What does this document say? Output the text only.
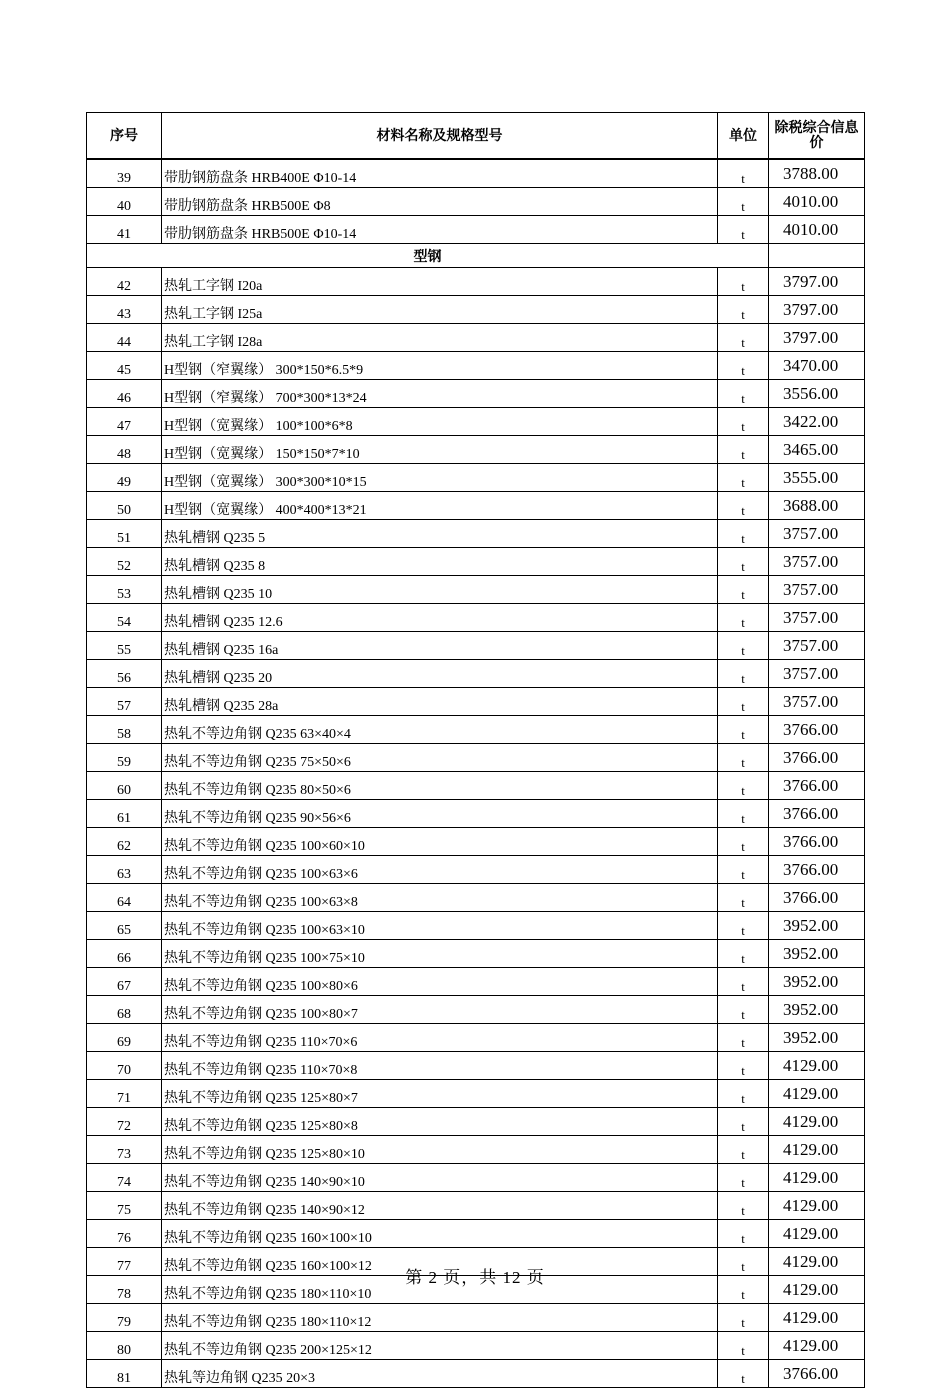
序号	材料名称及规格型号	单位	除税综合信息价
39	带肋钢筋盘条 HRB400E Φ10-14	t	3788.00
40	带肋钢筋盘条 HRB500E Φ8	t	4010.00
41	带肋钢筋盘条 HRB500E Φ10-14	t	4010.00
型钢			
42	热轧工字钢 I20a	t	3797.00
43	热轧工字钢 I25a	t	3797.00
44	热轧工字钢 I28a	t	3797.00
45	H型钢（窄翼缘） 300*150*6.5*9	t	3470.00
46	H型钢（窄翼缘） 700*300*13*24	t	3556.00
47	H型钢（宽翼缘） 100*100*6*8	t	3422.00
48	H型钢（宽翼缘） 150*150*7*10	t	3465.00
49	H型钢（宽翼缘） 300*300*10*15	t	3555.00
50	H型钢（宽翼缘） 400*400*13*21	t	3688.00
51	热轧槽钢 Q235 5	t	3757.00
52	热轧槽钢 Q235 8	t	3757.00
53	热轧槽钢 Q235 10	t	3757.00
54	热轧槽钢 Q235 12.6	t	3757.00
55	热轧槽钢 Q235 16a	t	3757.00
56	热轧槽钢 Q235 20	t	3757.00
57	热轧槽钢 Q235 28a	t	3757.00
58	热轧不等边角钢 Q235 63×40×4	t	3766.00
59	热轧不等边角钢 Q235 75×50×6	t	3766.00
60	热轧不等边角钢 Q235 80×50×6	t	3766.00
61	热轧不等边角钢 Q235 90×56×6	t	3766.00
62	热轧不等边角钢 Q235 100×60×10	t	3766.00
63	热轧不等边角钢 Q235 100×63×6	t	3766.00
64	热轧不等边角钢 Q235 100×63×8	t	3766.00
65	热轧不等边角钢 Q235 100×63×10	t	3952.00
66	热轧不等边角钢 Q235 100×75×10	t	3952.00
67	热轧不等边角钢 Q235 100×80×6	t	3952.00
68	热轧不等边角钢 Q235 100×80×7	t	3952.00
69	热轧不等边角钢 Q235 110×70×6	t	3952.00
70	热轧不等边角钢 Q235 110×70×8	t	4129.00
71	热轧不等边角钢 Q235 125×80×7	t	4129.00
72	热轧不等边角钢 Q235 125×80×8	t	4129.00
73	热轧不等边角钢 Q235 125×80×10	t	4129.00
74	热轧不等边角钢 Q235 140×90×10	t	4129.00
75	热轧不等边角钢 Q235 140×90×12	t	4129.00
76	热轧不等边角钢 Q235 160×100×10	t	4129.00
77	热轧不等边角钢 Q235 160×100×12	t	4129.00
78	热轧不等边角钢 Q235 180×110×10	t	4129.00
79	热轧不等边角钢 Q235 180×110×12	t	4129.00
80	热轧不等边角钢 Q235 200×125×12	t	4129.00
81	热轧等边角钢 Q235 20×3	t	3766.00
第 2 页，共 12 页
